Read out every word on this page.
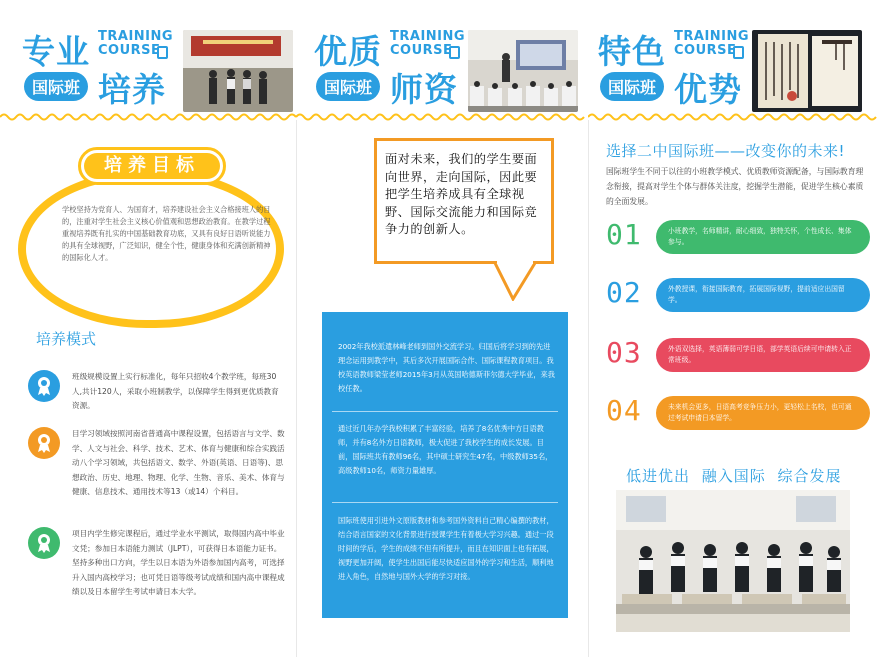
专业 TRAINING
COURSE
国际班 培养
培养目标
学校坚持为党育人、为国育才，培养建设社会主义合格接班人的目的，注重对学生社会主义核心价值观和思想政治教育。在教学过程重视培养既有扎实的中国基础教育功底，又具有良好日语听说能力的具有全球视野，广泛知识，健全个性，健康身体和充满创新精神的国际化人才。
培养模式
班级规模设置上实行标准化，每年只招收4个教学班，每班30人,共计120人，采取小班制教学，以保障学生得到更优质教育资源。
目学习领域按照河南省普通高中课程设置，包括语言与文学、数学、人文与社会、科学、技术、艺术、体育与健康和综合实践活动八个学习领域，共包括语文、数学、外语(英语、日语等)、思想政治、历史、地理、物理、化学、生物、音乐、美术、体育与健康、信息技术、通用技术等13（或14）个科目。
项目内学生修完课程后，通过学业水平测试，取得国内高中毕业文凭；参加日本语能力测试（JLPT），可获得日本语能力证书。坚持多种出口方向，学生以日本语为外语参加国内高考，可选择升入国内高校学习；也可凭日语等级考试成绩和国内高中课程成绩以及日本留学生考试申请日本大学。
优质 TRAINING
COURSE
国际班 师资
面对未来，我们的学生要面向世界，走向国际，因此要把学生培养成具有全球视野、国际交流能力和国际竞争力的创新人。
2002年我校派遣林峰老师到国外交流学习。归国后将学习到的先进理念运用到教学中，其后多次开展国际合作、国际课程教育项目。我校英语教师梁莹老师2015年3月从英国哈德斯菲尔德大学毕业，来我校任教。
通过近几年办学我校积累了丰富经验，培养了8名优秀中方日语教师，并有8名外方日语教师，极大促进了我校学生的成长发展。目前，国际班共有教师96名，其中硕士研究生47名，中级教师35名，高级教师10名，师资力量雄厚。
国际班使用引进外文原版教材和参考国外资料自己精心编撰的教材，结合语言国家的文化背景进行授课学生有着极大学习兴趣。通过一段时间的学后，学生的成绩不但有所提升，而且在知识面上也有拓展，视野更加开阔，使学生出国后能尽快适应国外的学习和生活，顺利地进入角色，自然地与国外大学的学习对接。
特色 TRAINING
COURSE
国际班 优势
选择二中国际班——改变你的未来!
国际班学生不同于以往的小班教学模式、优质教师资源配备，与国际教育理念衔接，提高对学生个体与群体关注度，挖掘学生潜能，促进学生核心素质的全面发展。
01	小班教学，名师精讲，耐心细致，独特关怀，个性成长、集体参与。
02	外教授课，衔接国际教育，拓展国际视野，提前适应出国留学。
03	外语双选择，英语薄弱可学日语，部学英语后续可申请转入正常班级。
04	未来机会更多，日语高考竞争压力小，更轻松上名校，也可通过考试申请日本留学。
低进优出 融入国际 综合发展
